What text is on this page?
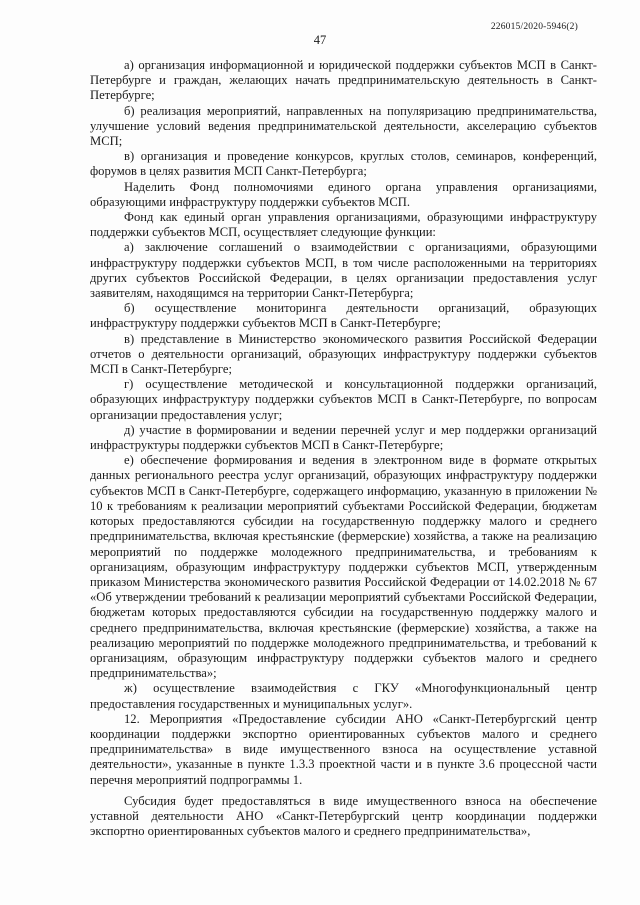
226015/2020-5946(2)
47

а) организация информационной и юридической поддержки субъектов МСП в Санкт-Петербурге и граждан, желающих начать предпринимательскую деятельность в Санкт-Петербурге;

б) реализация мероприятий, направленных на популяризацию предпринимательства, улучшение условий ведения предпринимательской деятельности, акселерацию субъектов МСП;

в) организация и проведение конкурсов, круглых столов, семинаров, конференций, форумов в целях развития МСП Санкт-Петербурга;

Наделить Фонд полномочиями единого органа управления организациями, образующими инфраструктуру поддержки субъектов МСП.

Фонд как единый орган управления организациями, образующими инфраструктуру поддержки субъектов МСП, осуществляет следующие функции:

а) заключение соглашений о взаимодействии с организациями, образующими инфраструктуру поддержки субъектов МСП, в том числе расположенными на территориях других субъектов Российской Федерации, в целях организации предоставления услуг заявителям, находящимся на территории Санкт-Петербурга;

б) осуществление мониторинга деятельности организаций, образующих инфраструктуру поддержки субъектов МСП в Санкт-Петербурге;

в) представление в Министерство экономического развития Российской Федерации отчетов о деятельности организаций, образующих инфраструктуру поддержки субъектов МСП в Санкт-Петербурге;

г) осуществление методической и консультационной поддержки организаций, образующих инфраструктуру поддержки субъектов МСП в Санкт-Петербурге, по вопросам организации предоставления услуг;

д) участие в формировании и ведении перечней услуг и мер поддержки организаций инфраструктуры поддержки субъектов МСП в Санкт-Петербурге;

е) обеспечение формирования и ведения в электронном виде в формате открытых данных регионального реестра услуг организаций, образующих инфраструктуру поддержки субъектов МСП в Санкт-Петербурге, содержащего информацию, указанную в приложении № 10 к требованиям к реализации мероприятий субъектами Российской Федерации, бюджетам которых предоставляются субсидии на государственную поддержку малого и среднего предпринимательства, включая крестьянские (фермерские) хозяйства, а также на реализацию мероприятий по поддержке молодежного предпринимательства, и требованиям к организациям, образующим инфраструктуру поддержки субъектов МСП, утвержденным приказом Министерства экономического развития Российской Федерации от 14.02.2018 № 67 «Об утверждении требований к реализации мероприятий субъектами Российской Федерации, бюджетам которых предоставляются субсидии на государственную поддержку малого и среднего предпринимательства, включая крестьянские (фермерские) хозяйства, а также на реализацию мероприятий по поддержке молодежного предпринимательства, и требований к организациям, образующим инфраструктуру поддержки субъектов малого и среднего предпринимательства»;

ж) осуществление взаимодействия с ГКУ «Многофункциональный центр предоставления государственных и муниципальных услуг».

12. Мероприятия «Предоставление субсидии АНО «Санкт-Петербургский центр координации поддержки экспортно ориентированных субъектов малого и среднего предпринимательства» в виде имущественного взноса на осуществление уставной деятельности», указанные в пункте 1.3.3 проектной части и в пункте 3.6 процессной части перечня мероприятий подпрограммы 1.

Субсидия будет предоставляться в виде имущественного взноса на обеспечение уставной деятельности АНО «Санкт-Петербургский центр координации поддержки экспортно ориентированных субъектов малого и среднего предпринимательства»,
